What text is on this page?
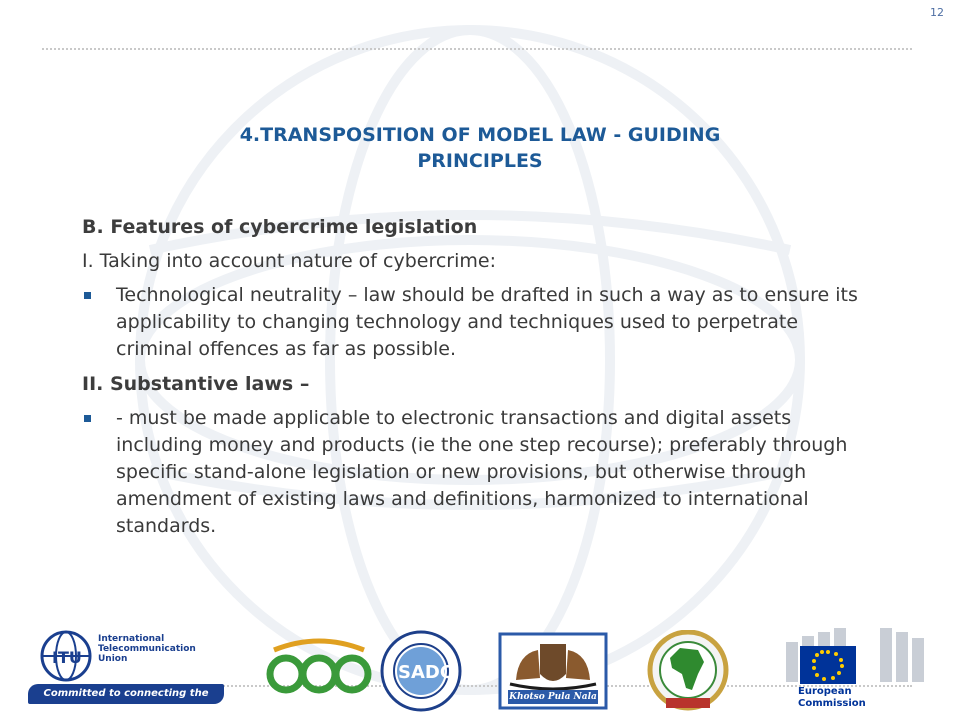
12
4.TRANSPOSITION OF MODEL LAW - GUIDING
PRINCIPLES
B. Features of cybercrime legislation
I. Taking into account nature of cybercrime:
Technological neutrality – law should be drafted in such a way as to ensure its applicability to changing technology and techniques used to perpetrate criminal offences as far as possible.
II. Substantive laws –
- must be made applicable to electronic transactions and digital assets including money and products (ie the one step recourse); preferably through specific stand-alone legislation or new provisions, but otherwise through amendment of existing laws and definitions, harmonized to international standards.
ITU
International
Telecommunication
Union
Committed to connecting the world
SADC
Khotso Pula Nala	European
Commission
